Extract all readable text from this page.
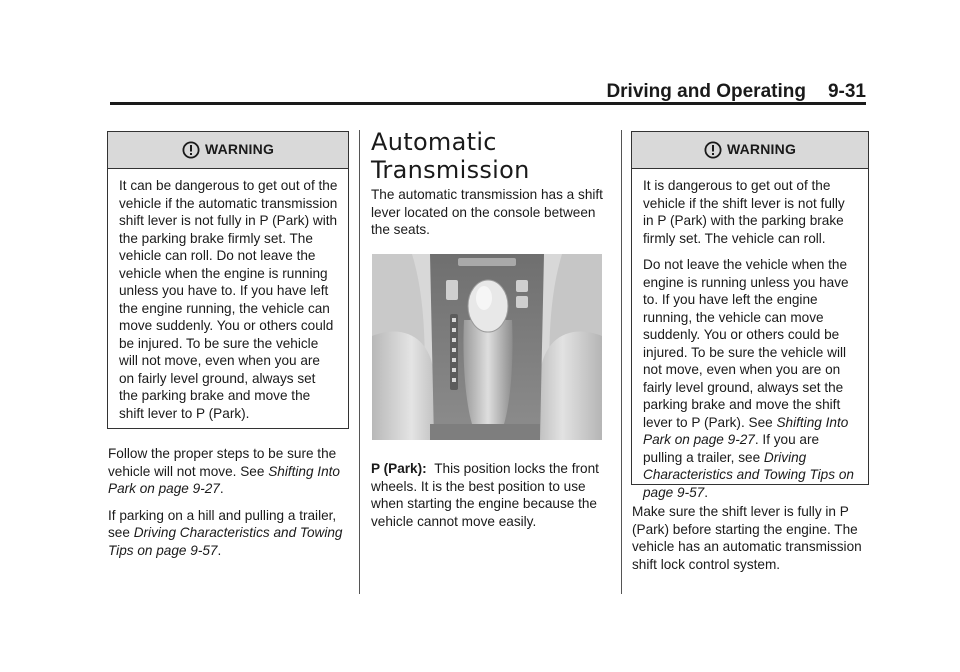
Driving and Operating 9-31
WARNING

It can be dangerous to get out of the vehicle if the automatic transmission shift lever is not fully in P (Park) with the parking brake firmly set. The vehicle can roll. Do not leave the vehicle when the engine is running unless you have to. If you have left the engine running, the vehicle can move suddenly. You or others could be injured. To be sure the vehicle will not move, even when you are on fairly level ground, always set the parking brake and move the shift lever to P (Park).

Follow the proper steps to be sure the vehicle will not move. See Shifting Into Park on page 9-27.

If parking on a hill and pulling a trailer, see Driving Characteristics and Towing Tips on page 9-57.

Automatic Transmission

The automatic transmission has a shift lever located on the console between the seats.

P (Park): This position locks the front wheels. It is the best position to use when starting the engine because the vehicle cannot move easily.

WARNING

It is dangerous to get out of the vehicle if the shift lever is not fully in P (Park) with the parking brake firmly set. The vehicle can roll.

Do not leave the vehicle when the engine is running unless you have to. If you have left the engine running, the vehicle can move suddenly. You or others could be injured. To be sure the vehicle will not move, even when you are on fairly level ground, always set the parking brake and move the shift lever to P (Park). See Shifting Into Park on page 9-27. If you are pulling a trailer, see Driving Characteristics and Towing Tips on page 9-57.

Make sure the shift lever is fully in P (Park) before starting the engine. The vehicle has an automatic transmission shift lock control system.
